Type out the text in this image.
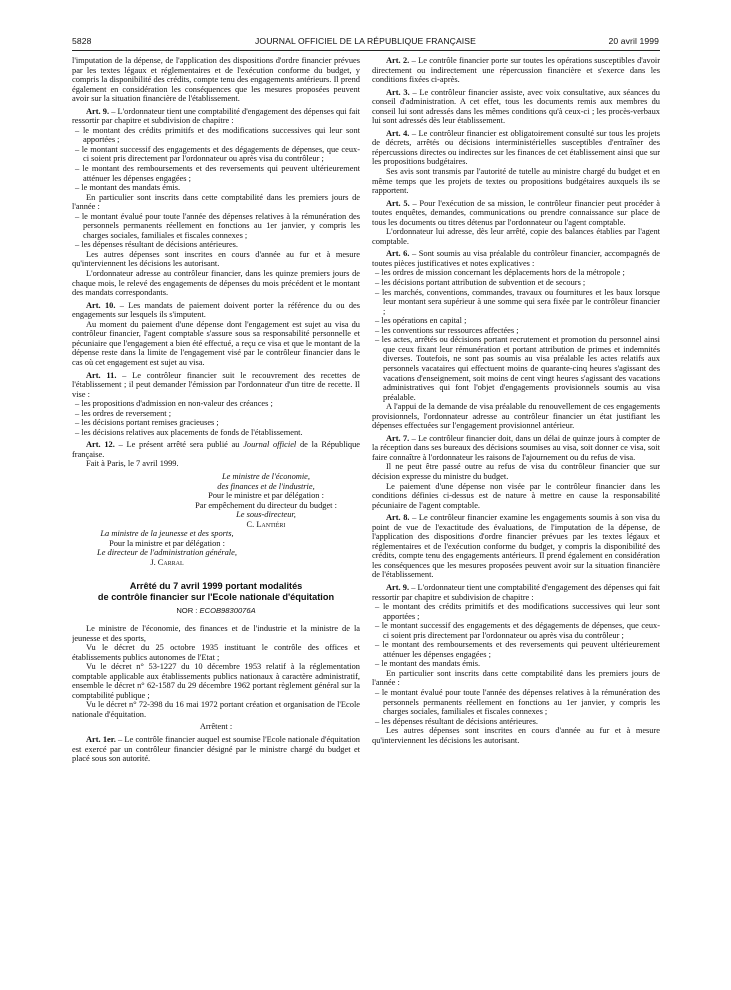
5828	JOURNAL OFFICIEL DE LA RÉPUBLIQUE FRANÇAISE	20 avril 1999

l'imputation de la dépense, de l'application des dispositions d'ordre financier prévues par les textes légaux et réglementaires et de l'exécution conforme du budget, y compris la disponibilité des crédits, compte tenu des engagements antérieurs. Il prend également en considération les conséquences que les mesures proposées peuvent avoir sur la situation financière de l'établissement.

Art. 9. – L'ordonnateur tient une comptabilité d'engagement des dépenses qui fait ressortir par chapitre et subdivision de chapitre :

– le montant des crédits primitifs et des modifications successives qui leur sont apportées ;

– le montant successif des engagements et des dégagements de dépenses, que ceux-ci soient pris directement par l'ordonnateur ou après visa du contrôleur ;

– le montant des remboursements et des reversements qui peuvent ultérieurement atténuer les dépenses engagées ;

– le montant des mandats émis.

En particulier sont inscrits dans cette comptabilité dans les premiers jours de l'année :

– le montant évalué pour toute l'année des dépenses relatives à la rémunération des personnels permanents réellement en fonctions au 1er janvier, y compris les charges sociales, familiales et fiscales connexes ;

– les dépenses résultant de décisions antérieures.

Les autres dépenses sont inscrites en cours d'année au fur et à mesure qu'interviennent les décisions les autorisant.

L'ordonnateur adresse au contrôleur financier, dans les quinze premiers jours de chaque mois, le relevé des engagements de dépenses du mois précédent et le montant des mandats correspondants.

Art. 10. – Les mandats de paiement doivent porter la référence du ou des engagements sur lesquels ils s'imputent.

Au moment du paiement d'une dépense dont l'engagement est sujet au visa du contrôleur financier, l'agent comptable s'assure sous sa responsabilité personnelle et pécuniaire que l'engagement a bien été effectué, a reçu ce visa et que le montant de la dépense reste dans la limite de l'engagement visé par le contrôleur financier dans le cas où cet engagement est sujet au visa.

Art. 11. – Le contrôleur financier suit le recouvrement des recettes de l'établissement ; il peut demander l'émission par l'ordonnateur d'un titre de recette. Il vise :

– les propositions d'admission en non-valeur des créances ;

– les ordres de reversement ;

– les décisions portant remises gracieuses ;

– les décisions relatives aux placements de fonds de l'établissement.

Art. 12. – Le présent arrêté sera publié au Journal officiel de la République française.

Fait à Paris, le 7 avril 1999.

Le ministre de l'économie,

des finances et de l'industrie,

Pour le ministre et par délégation :

Par empêchement du directeur du budget :

Le sous-directeur,

C. Lantiéri

La ministre de la jeunesse et des sports,

Pour la ministre et par délégation :

Le directeur de l'administration générale,

J. Carral

Arrêté du 7 avril 1999 portant modalités
de contrôle financier sur l'Ecole nationale d'équitation
NOR : ECOB9830076A

Le ministre de l'économie, des finances et de l'industrie et la ministre de la jeunesse et des sports,

Vu le décret du 25 octobre 1935 instituant le contrôle des offices et établissements publics autonomes de l'Etat ;

Vu le décret n° 53-1227 du 10 décembre 1953 relatif à la réglementation comptable applicable aux établissements publics nationaux à caractère administratif, ensemble le décret n° 62-1587 du 29 décembre 1962 portant règlement général sur la comptabilité publique ;

Vu le décret n° 72-398 du 16 mai 1972 portant création et organisation de l'Ecole nationale d'équitation.

Arrêtent :

Art. 1er. – Le contrôle financier auquel est soumise l'Ecole nationale d'équitation est exercé par un contrôleur financier désigné par le ministre chargé du budget et placé sous son autorité.

Art. 2. – Le contrôle financier porte sur toutes les opérations susceptibles d'avoir directement ou indirectement une répercussion financière et s'exerce dans les conditions fixées ci-après.

Art. 3. – Le contrôleur financier assiste, avec voix consultative, aux séances du conseil d'administration. A cet effet, tous les documents remis aux membres du conseil lui sont adressés dans les mêmes conditions qu'à ceux-ci ; les procès-verbaux lui sont adressés dès leur établissement.

Art. 4. – Le contrôleur financier est obligatoirement consulté sur tous les projets de décrets, arrêtés ou décisions interministérielles susceptibles d'entraîner des répercussions directes ou indirectes sur les finances de cet établissement ainsi que sur les propositions budgétaires.

Ses avis sont transmis par l'autorité de tutelle au ministre chargé du budget et en même temps que les projets de textes ou propositions budgétaires auxquels ils se rapportent.

Art. 5. – Pour l'exécution de sa mission, le contrôleur financier peut procéder à toutes enquêtes, demandes, communications ou prendre connaissance sur place de tous les documents ou titres détenus par l'ordonnateur ou l'agent comptable.

L'ordonnateur lui adresse, dès leur arrêté, copie des balances établies par l'agent comptable.

Art. 6. – Sont soumis au visa préalable du contrôleur financier, accompagnés de toutes pièces justificatives et notes explicatives :

– les ordres de mission concernant les déplacements hors de la métropole ;

– les décisions portant attribution de subvention et de secours ;

– les marchés, conventions, commandes, travaux ou fournitures et les baux lorsque leur montant sera supérieur à une somme qui sera fixée par le contrôleur financier ;

– les opérations en capital ;

– les conventions sur ressources affectées ;

– les actes, arrêtés ou décisions portant recrutement et promotion du personnel ainsi que ceux fixant leur rémunération et portant attribution de primes et indemnités diverses. Toutefois, ne sont pas soumis au visa préalable les actes relatifs aux personnels vacataires qui effectuent moins de quarante-cinq heures s'agissant des vacations d'enseignement, soit moins de cent vingt heures s'agissant des vacations administratives qui font l'objet d'engagements provisionnels soumis au visa préalable.

A l'appui de la demande de visa préalable du renouvellement de ces engagements provisionnels, l'ordonnateur adresse au contrôleur financier un état justifiant les dépenses effectuées sur l'engagement provisionnel antérieur.

Art. 7. – Le contrôleur financier doit, dans un délai de quinze jours à compter de la réception dans ses bureaux des décisions soumises au visa, soit donner ce visa, soit faire connaître à l'ordonnateur les raisons de l'ajournement ou du refus de visa.

Il ne peut être passé outre au refus de visa du contrôleur financier que sur décision expresse du ministre du budget.

Le paiement d'une dépense non visée par le contrôleur financier dans les conditions définies ci-dessus est de nature à mettre en cause la responsabilité pécuniaire de l'agent comptable.

Art. 8. – Le contrôleur financier examine les engagements soumis à son visa du point de vue de l'exactitude des évaluations, de l'imputation de la dépense, de l'application des dispositions d'ordre financier prévues par les textes légaux et réglementaires et de l'exécution conforme du budget, y compris la disponibilité des crédits, compte tenu des engagements antérieurs. Il prend également en considération les conséquences que les mesures proposées peuvent avoir sur la situation financière de l'établissement.

Art. 9. – L'ordonnateur tient une comptabilité d'engagement des dépenses qui fait ressortir par chapitre et subdivision de chapitre :

– le montant des crédits primitifs et des modifications successives qui leur sont apportées ;

– le montant successif des engagements et des dégagements de dépenses, que ceux-ci soient pris directement par l'ordonnateur ou après visa du contrôleur ;

– le montant des remboursements et des reversements qui peuvent ultérieurement atténuer les dépenses engagées ;

– le montant des mandats émis.

En particulier sont inscrits dans cette comptabilité dans les premiers jours de l'année :

– le montant évalué pour toute l'année des dépenses relatives à la rémunération des personnels permanents réellement en fonctions au 1er janvier, y compris les charges sociales, familiales et fiscales connexes ;

– les dépenses résultant de décisions antérieures.

Les autres dépenses sont inscrites en cours d'année au fur et à mesure qu'interviennent les décisions les autorisant.
